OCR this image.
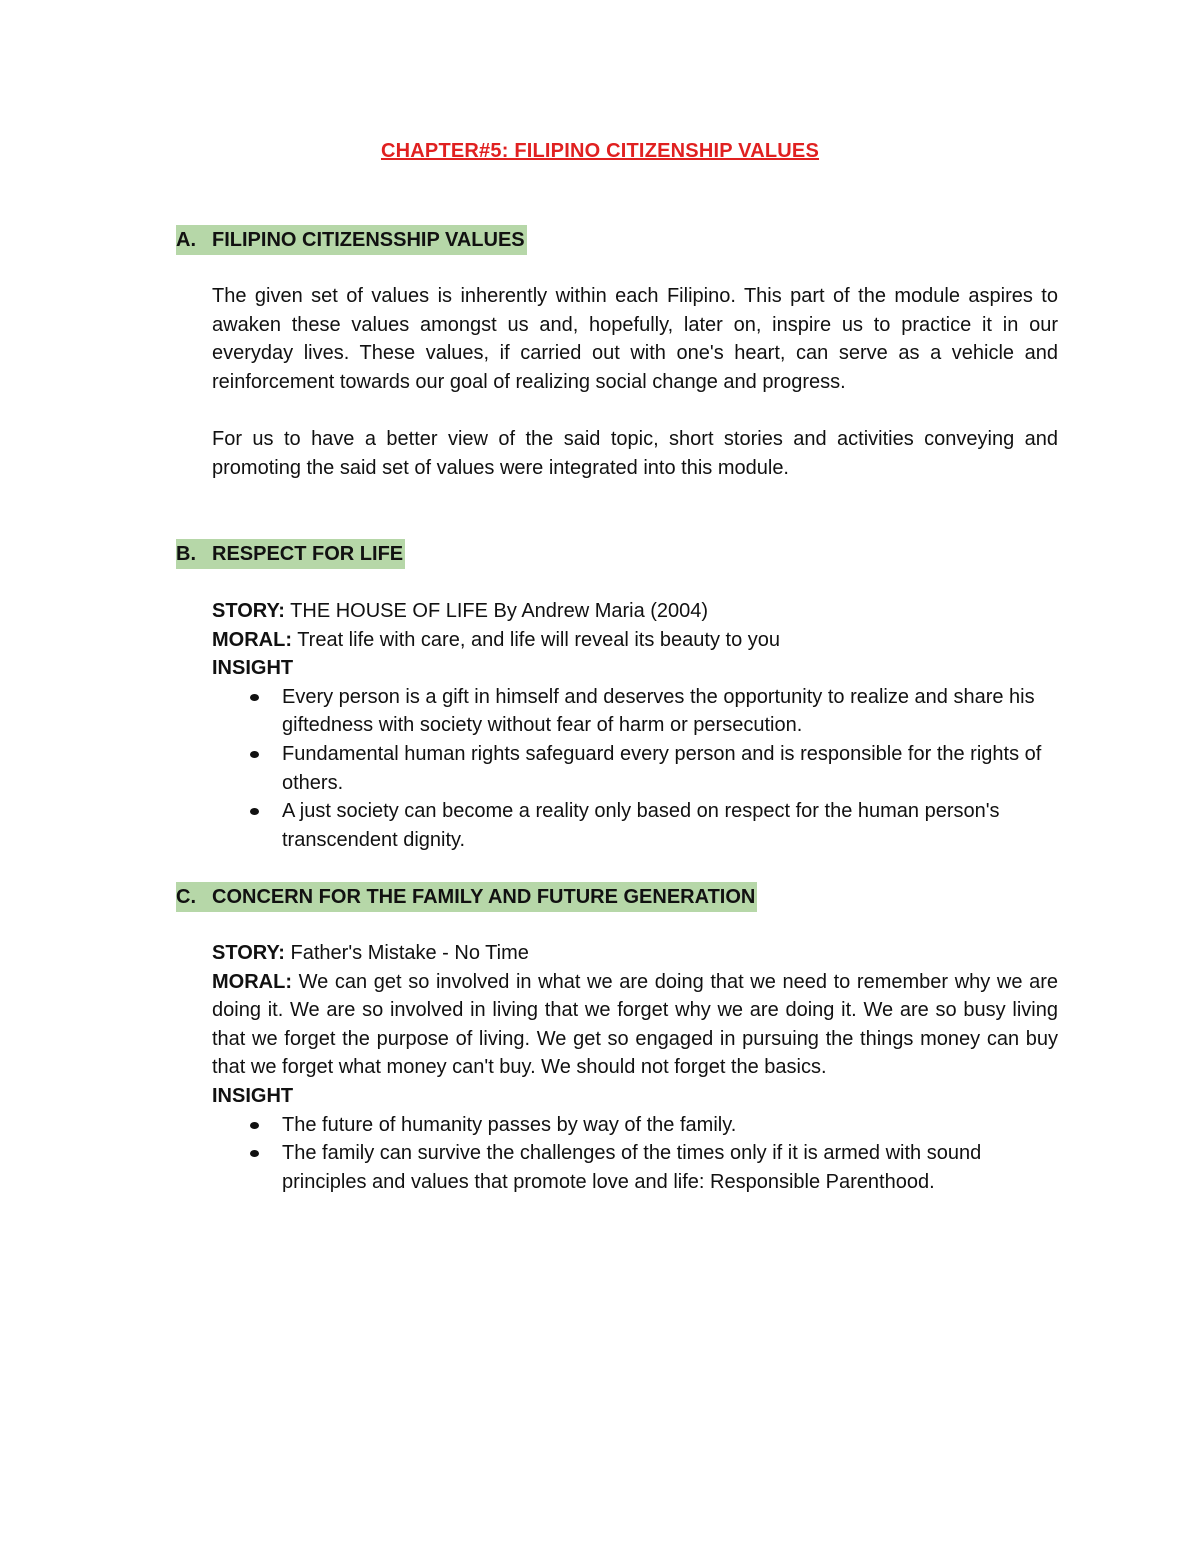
CHAPTER#5: FILIPINO CITIZENSHIP VALUES
A. FILIPINO CITIZENSSHIP VALUES
The given set of values is inherently within each Filipino. This part of the module aspires to awaken these values amongst us and, hopefully, later on, inspire us to practice it in our everyday lives. These values, if carried out with one's heart, can serve as a vehicle and reinforcement towards our goal of realizing social change and progress.
For us to have a better view of the said topic, short stories and activities conveying and promoting the said set of values were integrated into this module.
B. RESPECT FOR LIFE
STORY: THE HOUSE OF LIFE By Andrew Maria (2004)
MORAL: Treat life with care, and life will reveal its beauty to you
INSIGHT
Every person is a gift in himself and deserves the opportunity to realize and share his giftedness with society without fear of harm or persecution.
Fundamental human rights safeguard every person and is responsible for the rights of others.
A just society can become a reality only based on respect for the human person's transcendent dignity.
C. CONCERN FOR THE FAMILY AND FUTURE GENERATION
STORY: Father's Mistake - No Time
MORAL: We can get so involved in what we are doing that we need to remember why we are doing it. We are so involved in living that we forget why we are doing it. We are so busy living that we forget the purpose of living. We get so engaged in pursuing the things money can buy that we forget what money can't buy. We should not forget the basics.
INSIGHT
The future of humanity passes by way of the family.
The family can survive the challenges of the times only if it is armed with sound principles and values that promote love and life: Responsible Parenthood.
